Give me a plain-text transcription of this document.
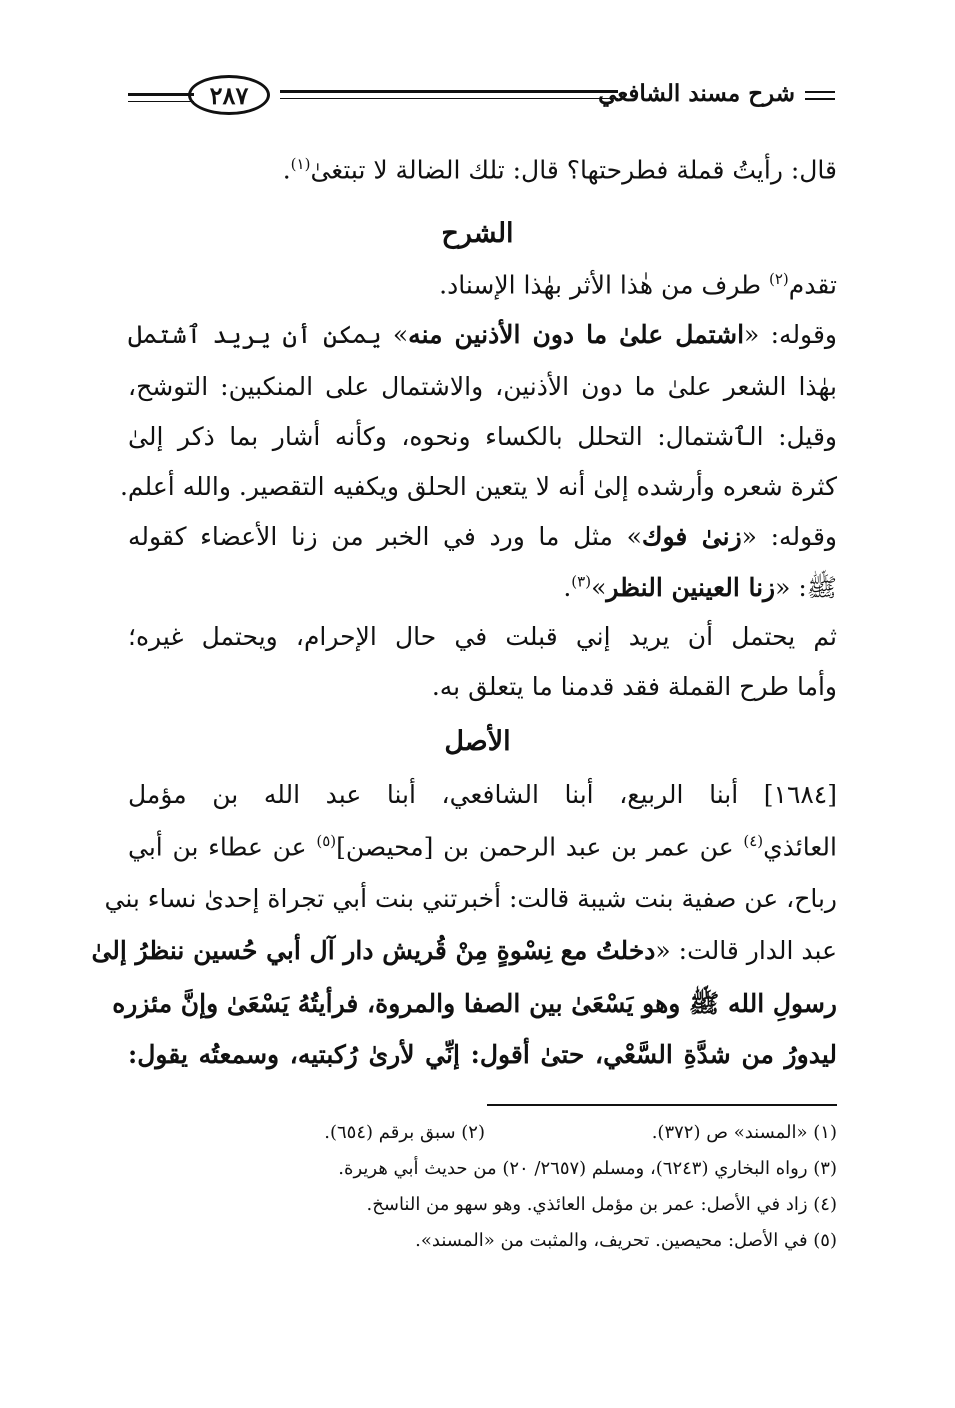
شرح مسند الشافعي
٢٨٧
قال: رأيتُ قملة فطرحتها؟ قال: تلك الضالة لا تبتغىٰ$^{(١)}$.
الشرح
تقدم$^{(٢)}$ طرف من هٰذا الأثر بهٰذا الإسناد.
وقوله: «اشتمل علىٰ ما دون الأذنين منه» يمكن أن يريد ٱشتمل
بهٰذا الشعر علىٰ ما دون الأذنين، والاشتمال على المنكبين: التوشح،
وقيل: الٱشتمال: التحلل بالكساء ونحوه، وكأنه أشار بما ذكر إلىٰ
كثرة شعره وأرشده إلىٰ أنه لا يتعين الحلق ويكفيه التقصير. والله أعلم.
وقوله: «زنىٰ فوك» مثل ما ورد في الخبر من زنا الأعضاء كقوله
ﷺ: «زنا العينين النظر»$^{(٣)}$.
ثم يحتمل أن يريد إني قبلت في حال الإحرام، ويحتمل غيره؛
وأما طرح القملة فقد قدمنا ما يتعلق به.
الأصل
[١٦٨٤] أبنا الربيع، أبنا الشافعي، أبنا عبد الله بن مؤمل
العائذي$^{(٤)}$ عن عمر بن عبد الرحمن بن [محيصن]$^{(٥)}$ عن عطاء بن أبي
رباح، عن صفية بنت شيبة قالت: أخبرتني بنت أبي تجراة إحدىٰ نساء بني
عبد الدار قالت: «دخلتُ مع نِسْوةٍ مِنْ قُريش دار آل أبي حُسين ننظرُ إلىٰ
رسولِ الله ﷺ وهو يَسْعَىٰ بين الصفا والمروة، فرأيتُهُ يَسْعَىٰ وإنَّ مئزره
ليدورُ من شدَّةِ السَّعْي، حتىٰ أقول: إنِّي لأرىٰ رُكبتيه، وسمعتُه يقول:
(١) «المسند» ص (٣٧٢).
(٢) سبق برقم (٦٥٤).
(٣) رواه البخاري (٦٢٤٣)، ومسلم (٢٦٥٧/ ٢٠) من حديث أبي هريرة.
(٤) زاد في الأصل: عمر بن مؤمل العائذي. وهو سهو من الناسخ.
(٥) في الأصل: محيصين. تحريف، والمثبت من «المسند».
